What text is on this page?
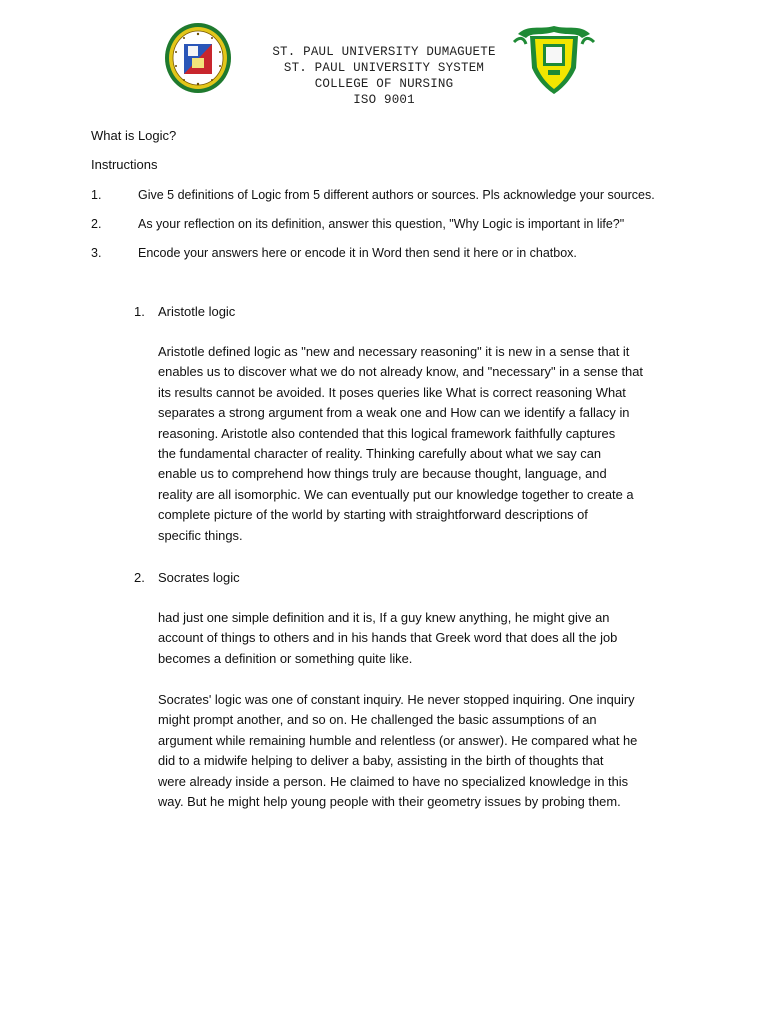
ST. PAUL UNIVERSITY DUMAGUETE
ST. PAUL UNIVERSITY SYSTEM
COLLEGE OF NURSING
ISO 9001
What is Logic?
Instructions
1.	Give 5 definitions of Logic from 5 different authors or sources. Pls acknowledge your sources.
2.	As your reflection on its definition, answer this question, "Why Logic is important in life?"
3.	Encode your answers here or encode it in Word then send it here or in chatbox.
1. Aristotle logic
Aristotle defined logic as "new and necessary reasoning" it is new in a sense that it
enables us to discover what we do not already know, and "necessary" in a sense that
its results cannot be avoided. It poses queries like What is correct reasoning What
separates a strong argument from a weak one and How can we identify a fallacy in
reasoning. Aristotle also contended that this logical framework faithfully captures
the fundamental character of reality. Thinking carefully about what we say can
enable us to comprehend how things truly are because thought, language, and
reality are all isomorphic. We can eventually put our knowledge together to create a
complete picture of the world by starting with straightforward descriptions of
specific things.
2. Socrates logic
had just one simple definition and it is, If a guy knew anything, he might give an
account of things to others and in his hands that Greek word that does all the job
becomes a definition or something quite like.
Socrates' logic was one of constant inquiry. He never stopped inquiring. One inquiry
might prompt another, and so on. He challenged the basic assumptions of an
argument while remaining humble and relentless (or answer). He compared what he
did to a midwife helping to deliver a baby, assisting in the birth of thoughts that
were already inside a person. He claimed to have no specialized knowledge in this
way. But he might help young people with their geometry issues by probing them.
